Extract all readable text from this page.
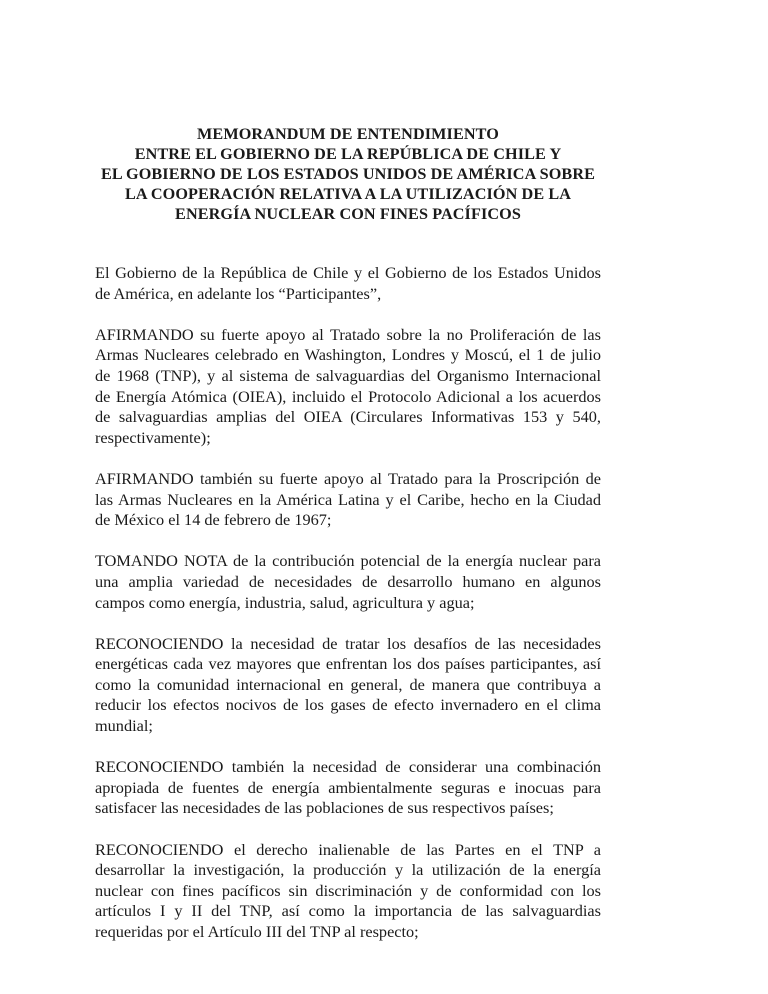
MEMORANDUM DE ENTENDIMIENTO
ENTRE EL GOBIERNO DE LA REPÚBLICA DE CHILE Y
EL GOBIERNO DE LOS ESTADOS UNIDOS DE AMÉRICA SOBRE
LA COOPERACIÓN RELATIVA A LA UTILIZACIÓN DE LA
ENERGÍA NUCLEAR CON FINES PACÍFICOS
El Gobierno de la República de Chile y el Gobierno de los Estados Unidos
de América, en adelante los “Participantes”,
AFIRMANDO su fuerte apoyo al Tratado sobre la no Proliferación de las
Armas Nucleares celebrado en Washington, Londres y Moscú, el 1 de julio
de 1968 (TNP), y al sistema de salvaguardias del Organismo Internacional
de Energía Atómica (OIEA), incluido el Protocolo Adicional a los acuerdos
de salvaguardias amplias del OIEA (Circulares Informativas 153 y 540,
respectivamente);
AFIRMANDO también su fuerte apoyo al Tratado para la Proscripción de
las Armas Nucleares en la América Latina y el Caribe, hecho en la Ciudad
de México el 14 de febrero de 1967;
TOMANDO NOTA de la contribución potencial de la energía nuclear para
una amplia variedad de necesidades de desarrollo humano en algunos
campos como energía, industria, salud, agricultura y agua;
RECONOCIENDO la necesidad de tratar los desafíos de las necesidades
energéticas cada vez mayores que enfrentan los dos países participantes, así
como la comunidad internacional en general, de manera que contribuya a
reducir los efectos nocivos de los gases de efecto invernadero en el clima
mundial;
RECONOCIENDO también la necesidad de considerar una combinación
apropiada de fuentes de energía ambientalmente seguras e inocuas para
satisfacer las necesidades de las poblaciones de sus respectivos países;
RECONOCIENDO el derecho inalienable de las Partes en el TNP a
desarrollar la investigación, la producción y la utilización de la energía
nuclear con fines pacíficos sin discriminación y de conformidad con los
artículos I y II del TNP, así como la importancia de las salvaguardias
requeridas por el Artículo III del TNP al respecto;
